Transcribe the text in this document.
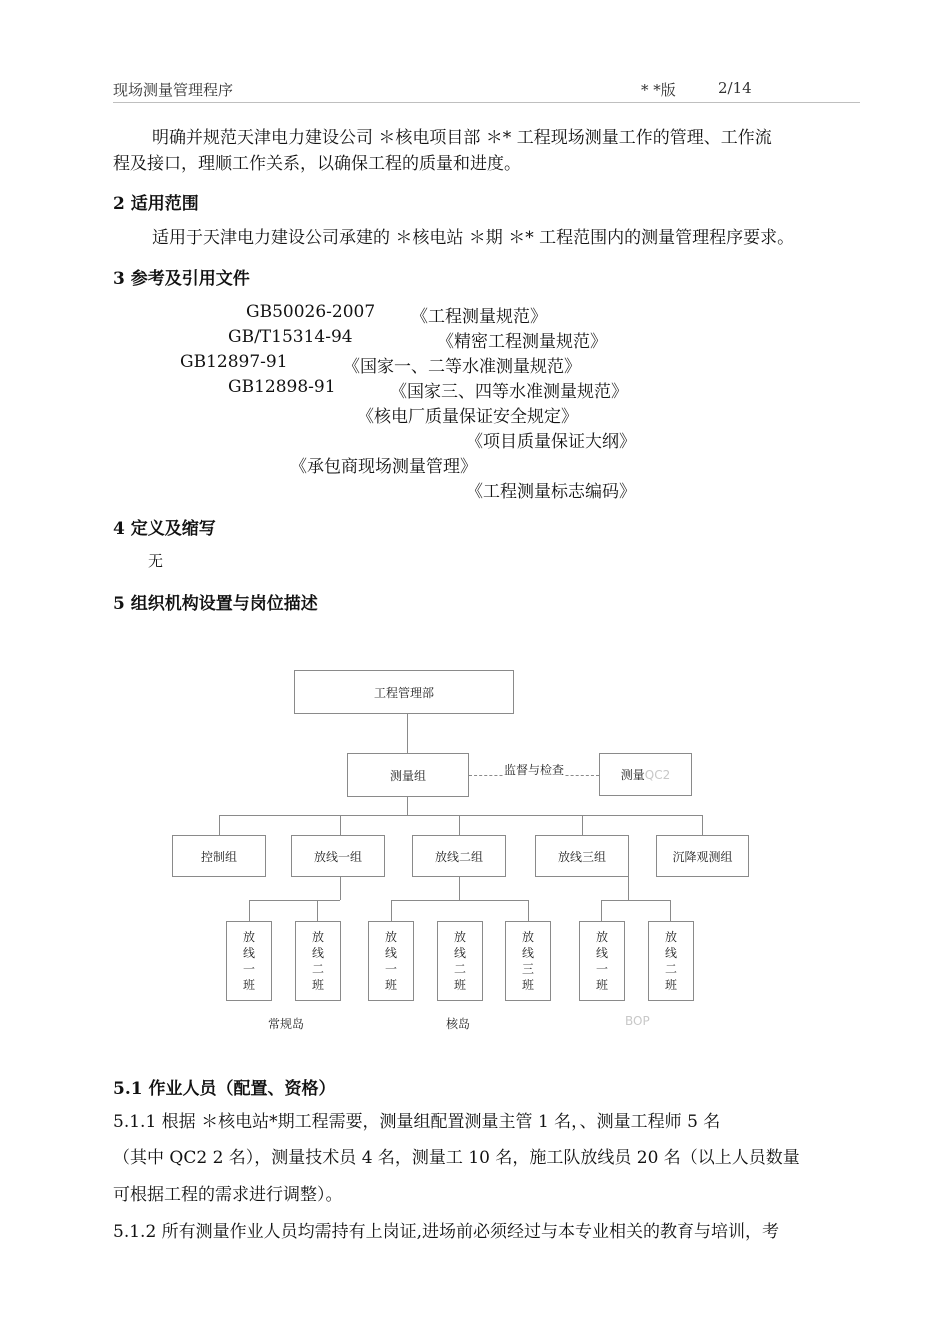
现场测量管理程序	* *版	2/14
明确并规范天津电力建设公司 ＊核电项目部 ＊* 工程现场测量工作的管理、工作流
程及接口，理顺工作关系，以确保工程的质量和进度。
2 适用范围
适用于天津电力建设公司承建的 ＊核电站 ＊期 ＊* 工程范围内的测量管理程序要求。
3 参考及引用文件
GB50026-2007 《工程测量规范》
GB/T15314-94	《精密工程测量规范》
GB12897-91	《国家一、二等水准测量规范》
GB12898-91	《国家三、四等水准测量规范》
《核电厂质量保证安全规定》
《项目质量保证大纲》
《承包商现场测量管理》
《工程测量标志编码》
4 定义及缩写
无
5 组织机构设置与岗位描述
工程管理部
测量组	监督与检查	测量 QC2
控制组	放线一组	放线二组	放线三组	沉降观测组
放
线
一
班
放
线
二
班
放
线
一
班
放
线
二
班
放
线
三
班
放
线
一
班
放
线
二
班
常规岛	核岛	BOP
5.1 作业人员（配置、资格）
5.1.1 根据 ＊核电站*期工程需要，测量组配置测量主管 1 名，、测量工程师 5 名
（其中 QC2 2 名），测量技术员 4 名，测量工 10 名，施工队放线员 20 名（以上人员数量
可根据工程的需求进行调整）。
5.1.2 所有测量作业人员均需持有上岗证,进场前必须经过与本专业相关的教育与培训，考
